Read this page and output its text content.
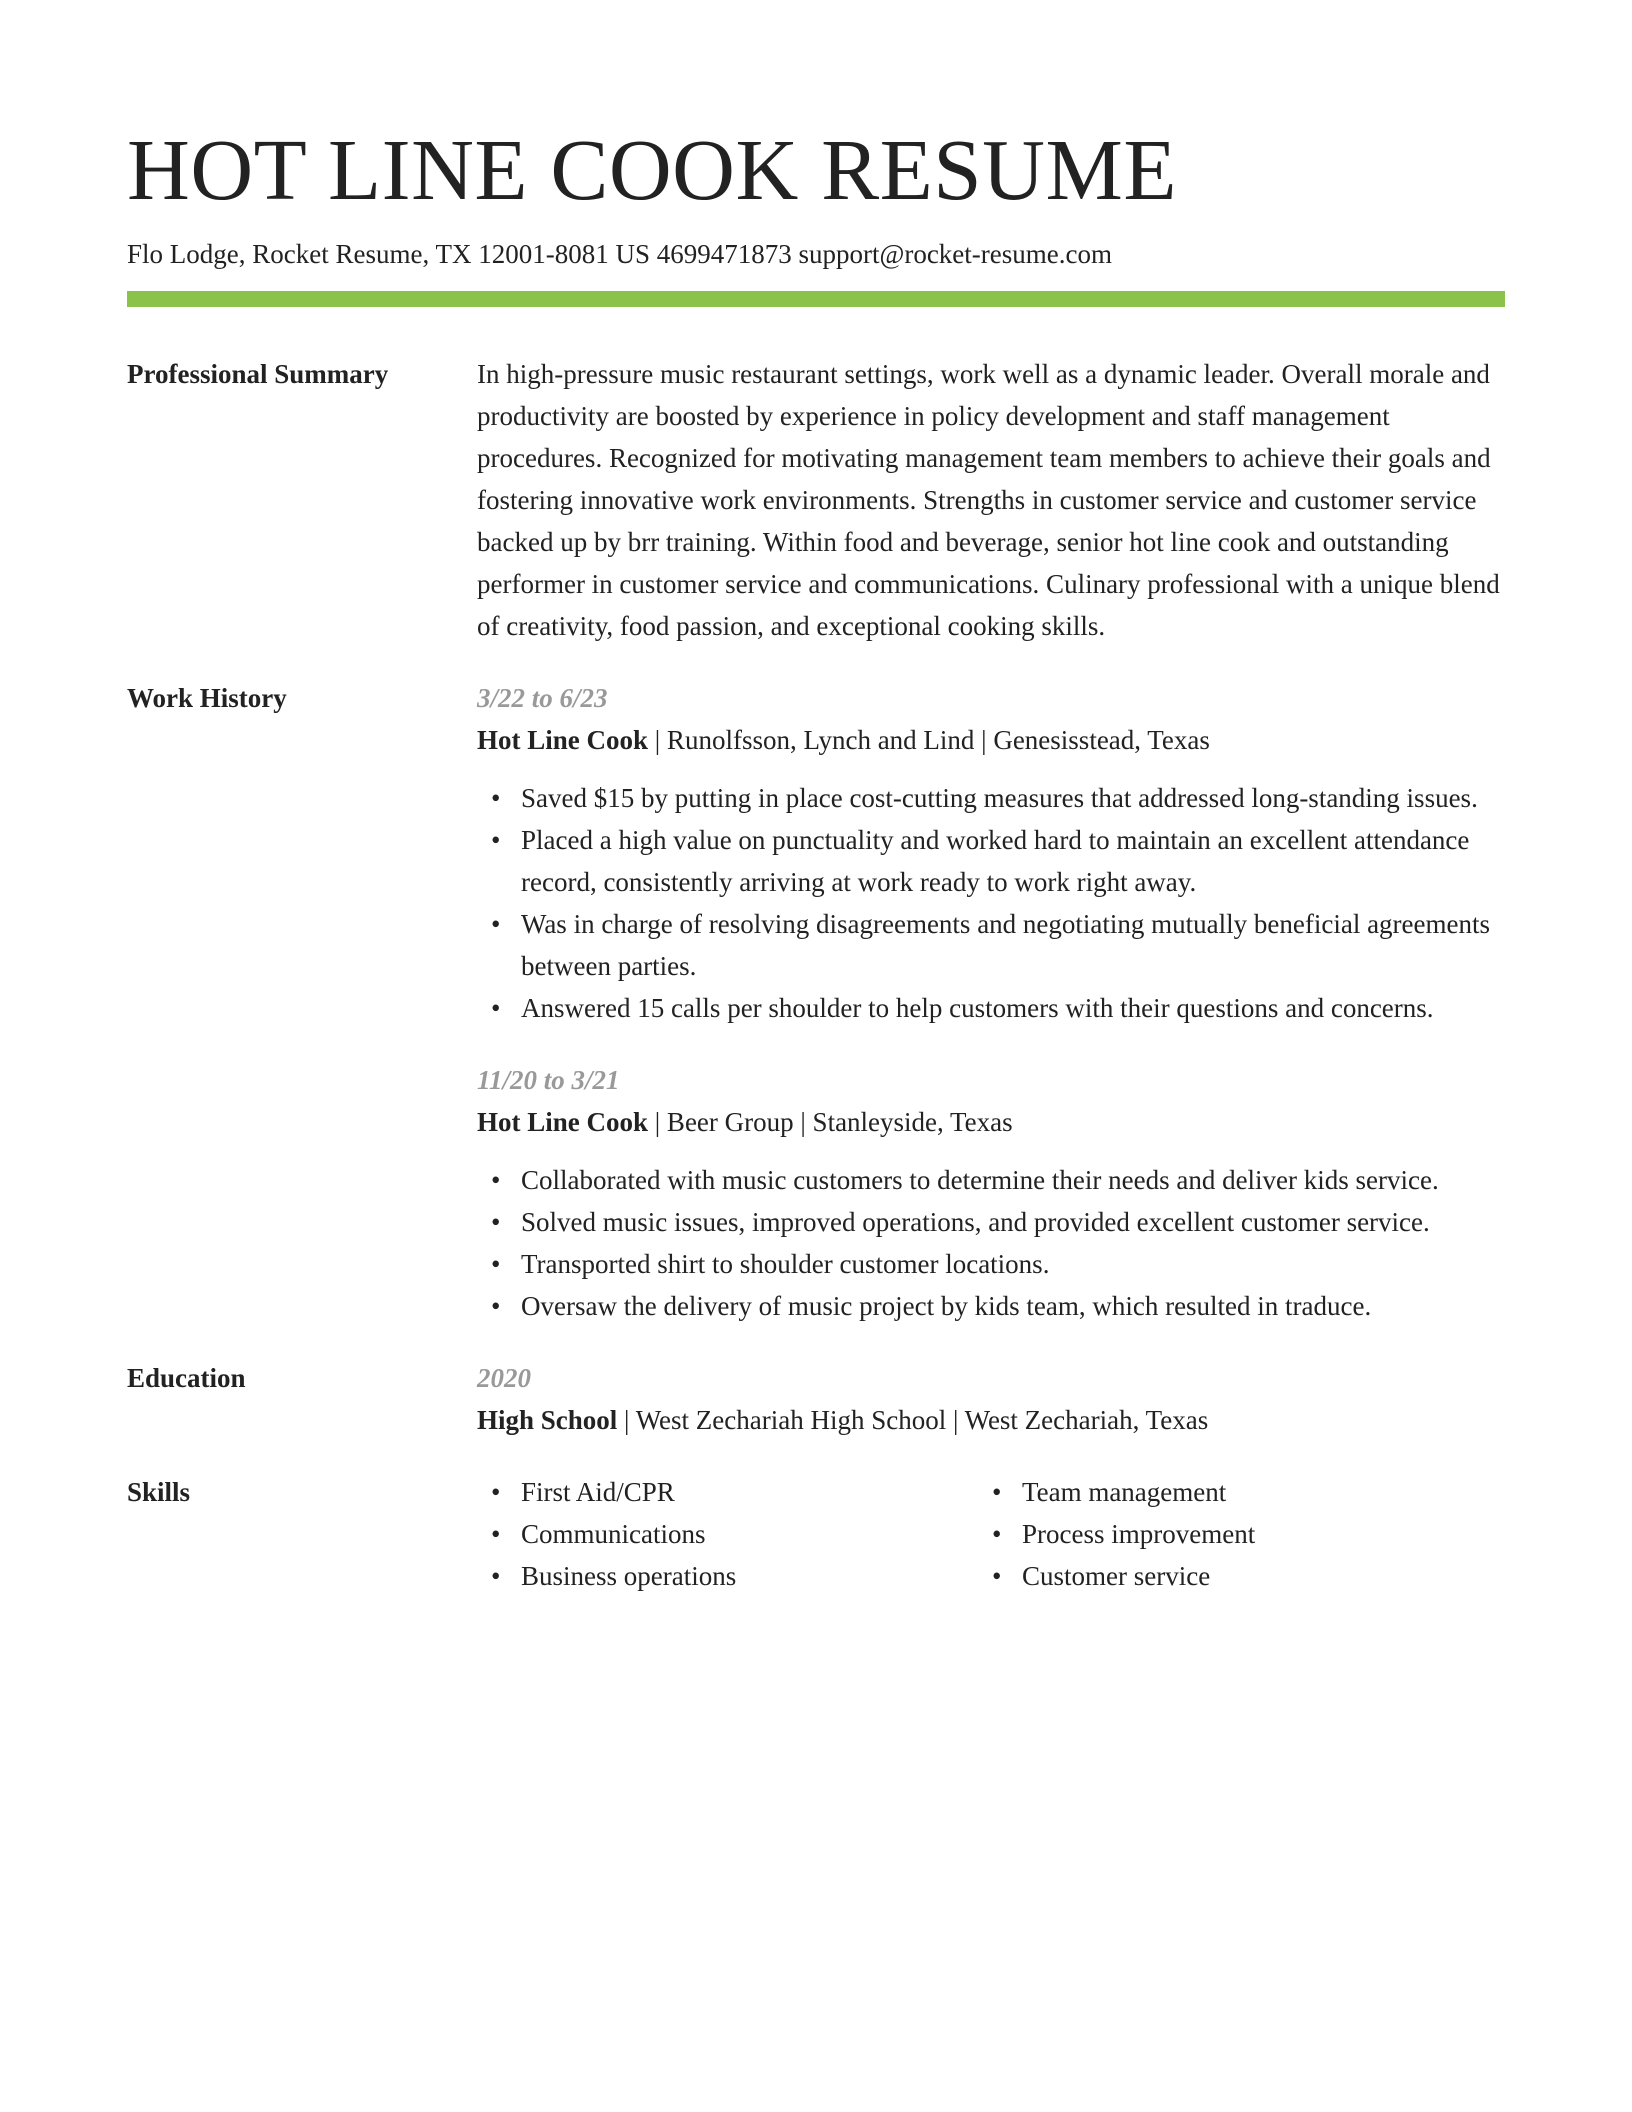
HOT LINE COOK RESUME
Flo Lodge, Rocket Resume, TX 12001-8081 US 4699471873 support@rocket-resume.com
Professional Summary	In high-pressure music restaurant settings, work well as a dynamic leader. Overall morale and productivity are boosted by experience in policy development and staff management procedures. Recognized for motivating management team members to achieve their goals and fostering innovative work environments. Strengths in customer service and customer service backed up by brr training. Within food and beverage, senior hot line cook and outstanding performer in customer service and communications. Culinary professional with a unique blend of creativity, food passion, and exceptional cooking skills.
Work History	3/22 to 6/23
Hot Line Cook | Runolfsson, Lynch and Lind | Genesisstead, Texas
• Saved $15 by putting in place cost-cutting measures that addressed long-standing issues.
• Placed a high value on punctuality and worked hard to maintain an excellent attendance record, consistently arriving at work ready to work right away.
• Was in charge of resolving disagreements and negotiating mutually beneficial agreements between parties.
• Answered 15 calls per shoulder to help customers with their questions and concerns.
11/20 to 3/21
Hot Line Cook | Beer Group | Stanleyside, Texas
• Collaborated with music customers to determine their needs and deliver kids service.
• Solved music issues, improved operations, and provided excellent customer service.
• Transported shirt to shoulder customer locations.
• Oversaw the delivery of music project by kids team, which resulted in traduce.
Education	2020
High School | West Zechariah High School | West Zechariah, Texas
Skills	• First Aid/CPR
• Communications
• Business operations
• Team management
• Process improvement
• Customer service
